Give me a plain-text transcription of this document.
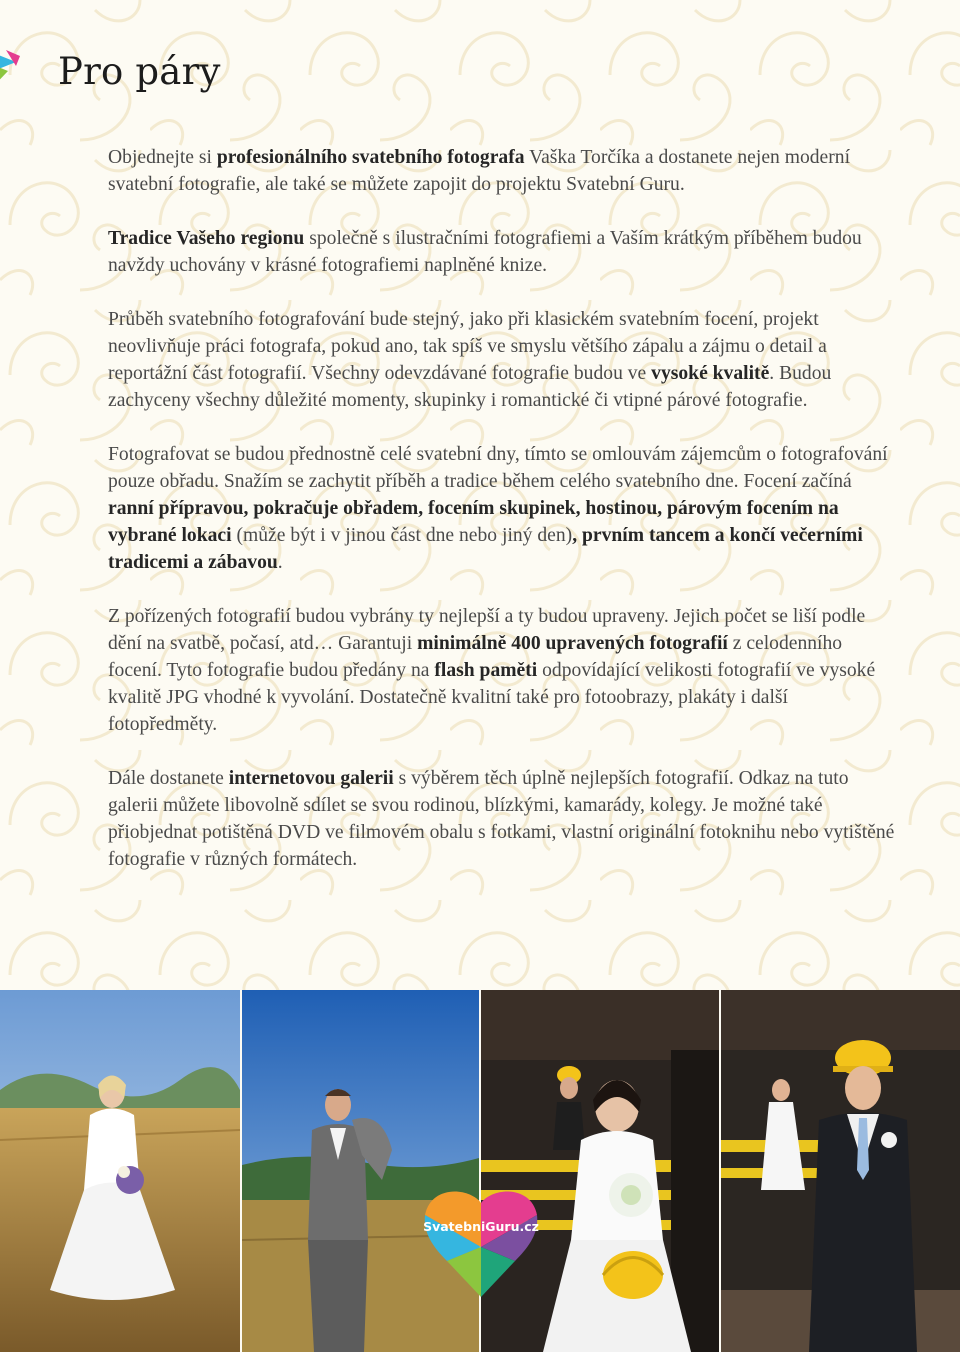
Pro páry

Objednejte si profesionálního svatebního fotografa Vaška Torčíka a dostanete nejen moderní svatební fotografie, ale také se můžete zapojit do projektu Svatební Guru.

Tradice Vašeho regionu společně s ilustračními fotografiemi a Vaším krátkým příběhem budou navždy uchovány v krásné fotografiemi naplněné knize.

Průběh svatebního fotografování bude stejný, jako při klasickém svatebním focení, projekt neovlivňuje práci fotografa, pokud ano, tak spíš ve smyslu většího zápalu a zájmu o detail a reportážní část fotografií. Všechny odevzdávané fotografie budou ve vysoké kvalitě. Budou zachyceny všechny důležité momenty, skupinky i romantické či vtipné párové fotografie.

Fotografovat se budou přednostně celé svatební dny, tímto se omlouvám zájemcům o fotografování pouze obřadu. Snažím se zachytit příběh a tradice během celého svatebního dne. Focení začíná ranní přípravou, pokračuje obřadem, focením skupinek, hostinou, párovým focením na vybrané lokaci (může být i v jinou část dne nebo jiný den), prvním tancem a končí večerními tradicemi a zábavou.

Z pořízených fotografií budou vybrány ty nejlepší a ty budou upraveny. Jejich počet se liší podle dění na svatbě, počasí, atd… Garantuji minimálně 400 upravených fotografií z celodenního focení. Tyto fotografie budou předány na flash paměti odpovídající velikosti fotografií ve vysoké kvalitě JPG vhodné k vyvolání. Dostatečně kvalitní také pro fotoobrazy, plakáty i další fotopředměty.

Dále dostanete internetovou galerii s výběrem těch úplně nejlepších fotografií. Odkaz na tuto galerii můžete libovolně sdílet se svou rodinou, blízkými, kamarády, kolegy. Je možné také přiobjednat potištěná DVD ve filmovém obalu s fotkami, vlastní originální fotoknihu nebo vytištěné fotografie v různých formátech.

SvatebniGuru.cz
